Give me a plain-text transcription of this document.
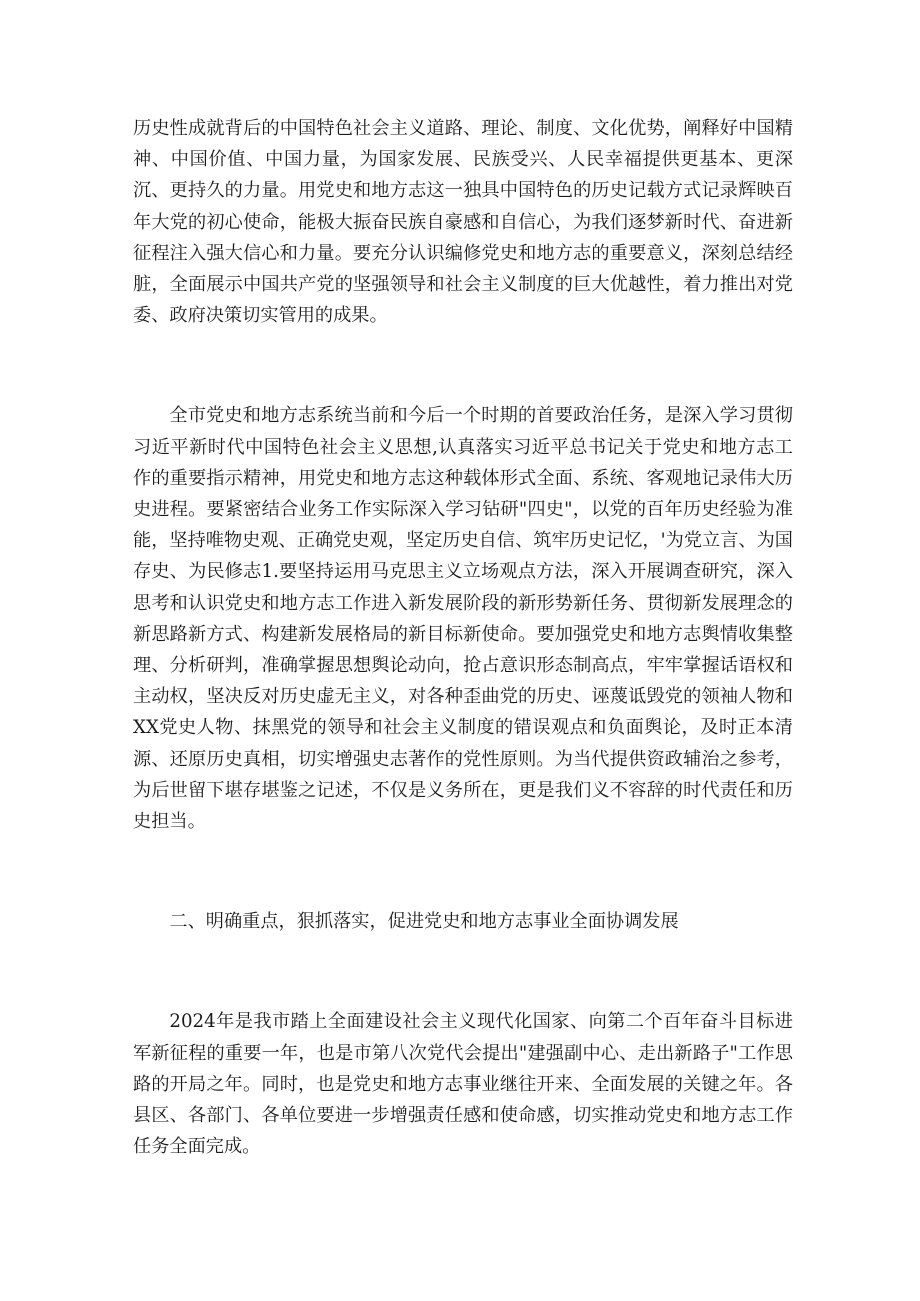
历史性成就背后的中国特色社会主义道路、理论、制度、文化优势，阐释好中国精神、中国价值、中国力量，为国家发展、民族受兴、人民幸福提供更基本、更深沉、更持久的力量。用党史和地方志这一独具中国特色的历史记载方式记录辉映百年大党的初心使命，能极大振奋民族自豪感和自信心，为我们逐梦新时代、奋进新征程注入强大信心和力量。要充分认识编修党史和地方志的重要意义，深刻总结经脏，全面展示中国共产党的坚强领导和社会主义制度的巨大优越性，着力推出对党委、政府决策切实管用的成果。

全市党史和地方志系统当前和今后一个时期的首要政治任务，是深入学习贯彻习近平新时代中国特色社会主义思想,认真落实习近平总书记关于党史和地方志工作的重要指示精神，用党史和地方志这种载体形式全面、系统、客观地记录伟大历史进程。要紧密结合业务工作实际深入学习钻研"四史"，以党的百年历史经验为准能，坚持唯物史观、正确党史观，坚定历史自信、筑牢历史记忆，'为党立言、为国存史、为民修志1.要坚持运用马克思主义立场观点方法，深入开展调查研究，深入思考和认识党史和地方志工作进入新发展阶段的新形势新任务、贯彻新发展理念的新思路新方式、构建新发展格局的新目标新使命。要加强党史和地方志舆情收集整理、分析研判，准确掌握思想舆论动向，抢占意识形态制高点，牢牢掌握话语权和主动权，坚决反对历史虚无主义，对各种歪曲党的历史、诬蔑诋毁党的领袖人物和XX党史人物、抹黑党的领导和社会主义制度的错误观点和负面舆论，及时正本清源、还原历史真相，切实增强史志著作的党性原则。为当代提供资政辅治之参考，为后世留下堪存堪鉴之记述，不仅是义务所在，更是我们义不容辞的时代责任和历史担当。

二、明确重点，狠抓落实，促进党史和地方志事业全面协调发展

2024年是我市踏上全面建设社会主义现代化国家、向第二个百年奋斗目标进军新征程的重要一年，也是市第八次党代会提出"建强副中心、走出新路子"工作思路的开局之年。同时，也是党史和地方志事业继往开来、全面发展的关键之年。各县区、各部门、各单位要进一步增强责任感和使命感，切实推动党史和地方志工作任务全面完成。
